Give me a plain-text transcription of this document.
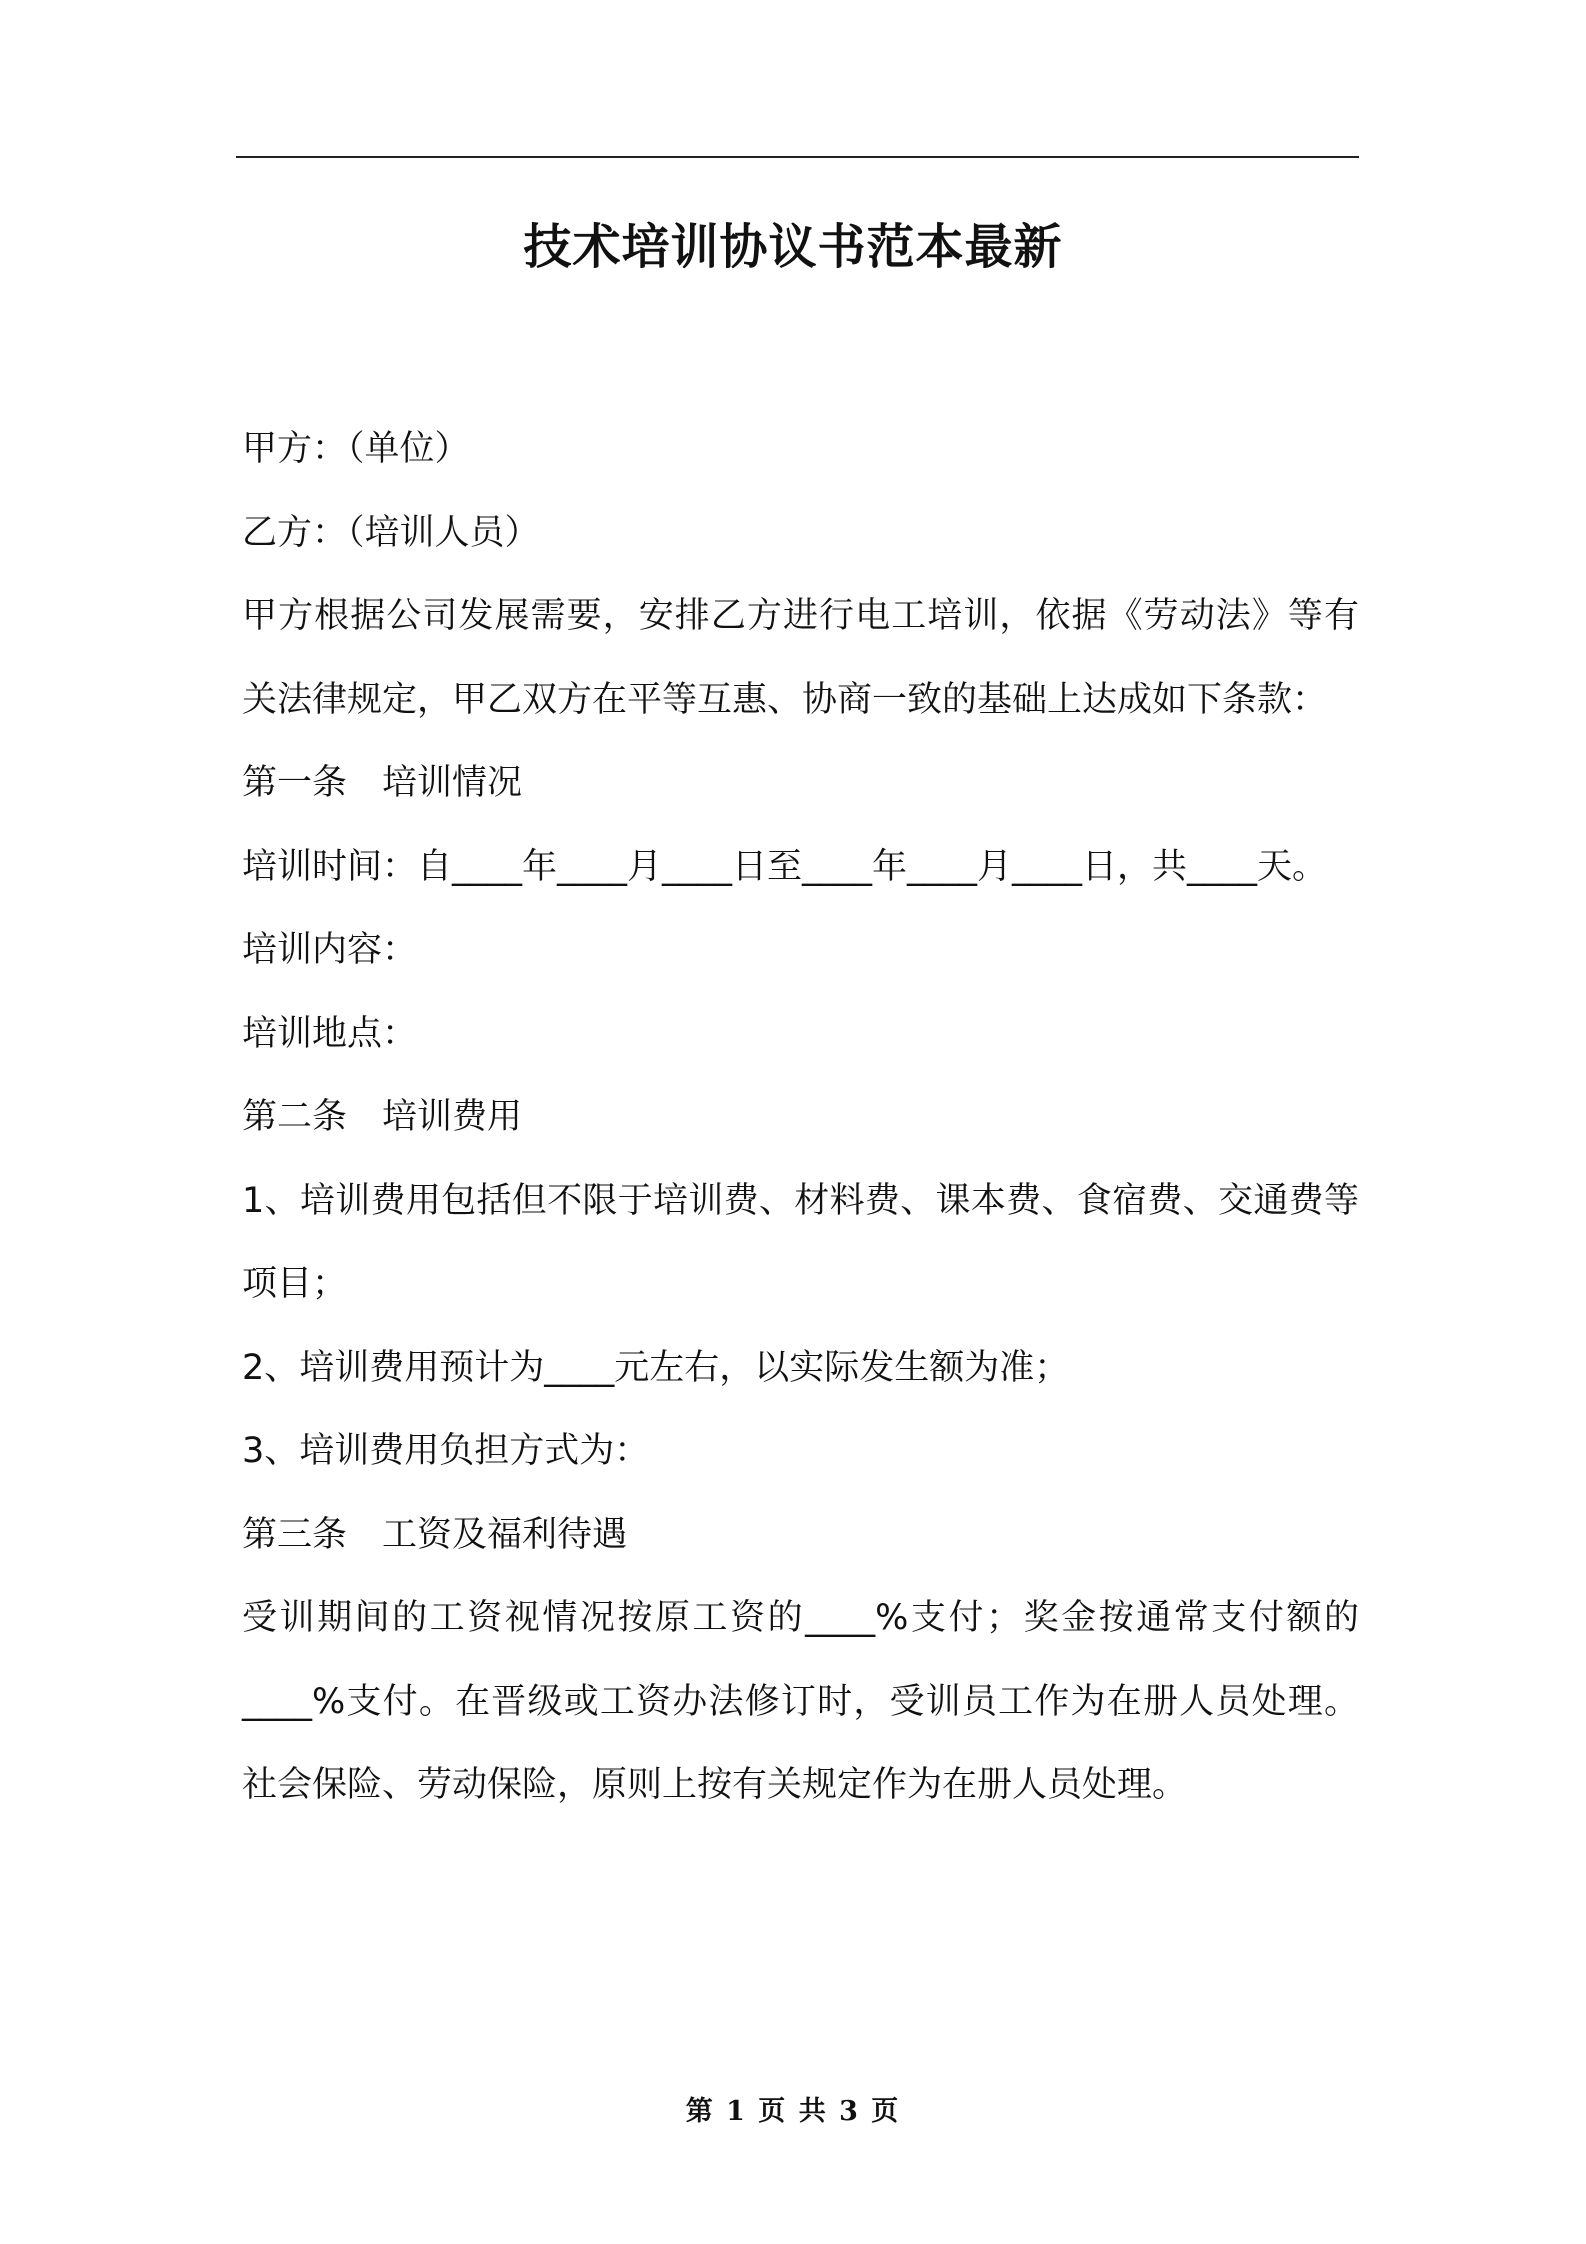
技术培训协议书范本最新

甲方：（单位）

乙方：（培训人员）

甲方根据公司发展需要，安排乙方进行电工培训，依据《劳动法》等有关法律规定，甲乙双方在平等互惠、协商一致的基础上达成如下条款：

第一条　培训情况

培训时间：自____年____月____日至____年____月____日，共____天。

培训内容：

培训地点：

第二条　培训费用

1、培训费用包括但不限于培训费、材料费、课本费、食宿费、交通费等项目；

2、培训费用预计为____元左右，以实际发生额为准；

3、培训费用负担方式为：

第三条　工资及福利待遇

受训期间的工资视情况按原工资的____%支付；奖金按通常支付额的____%支付。在晋级或工资办法修订时，受训员工作为在册人员处理。社会保险、劳动保险，原则上按有关规定作为在册人员处理。

第 1 页 共 3 页
